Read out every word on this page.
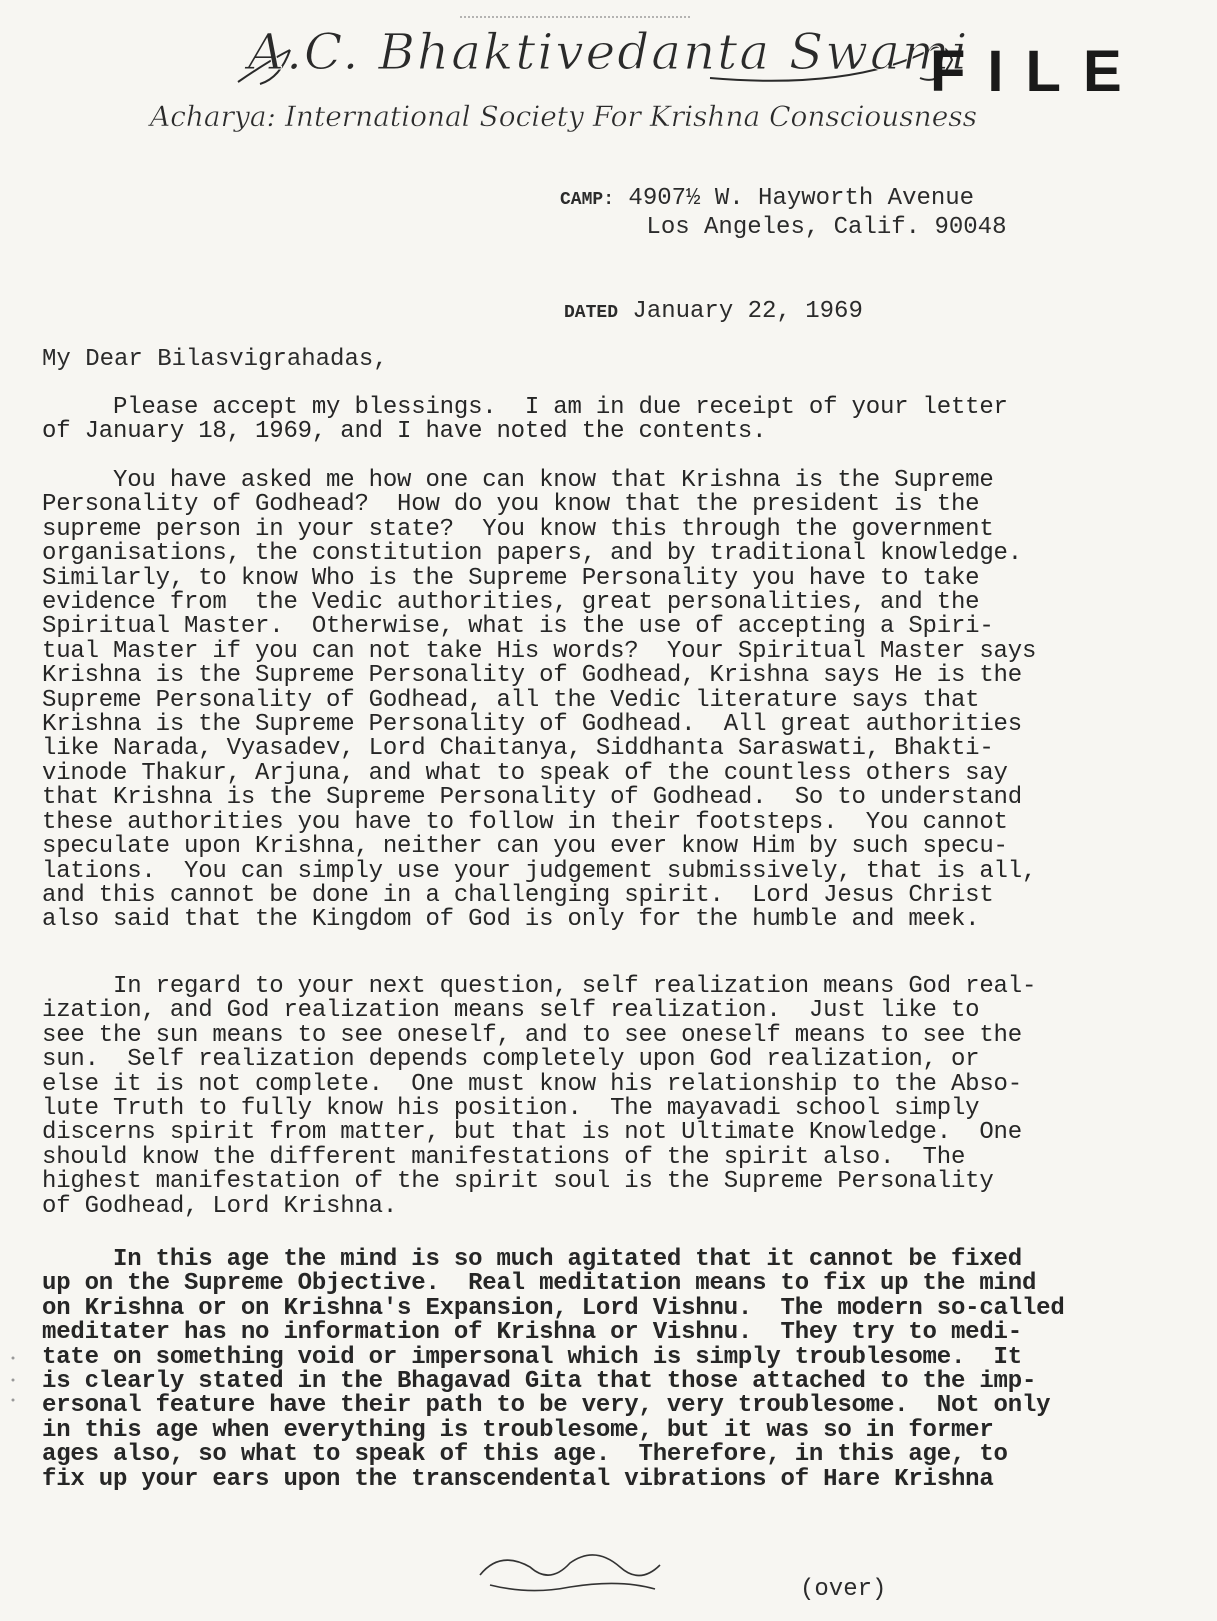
A.C. Bhaktivedanta Swami
FILE
Acharya: International Society For Krishna Consciousness
CAMP: 4907½ W. Hayworth Avenue
Los Angeles, Calif. 90048
DATED January 22, 1969
My Dear Bilasvigrahadas,
Please accept my blessings.  I am in due receipt of your letter
of January 18, 1969, and I have noted the contents.
You have asked me how one can know that Krishna is the Supreme
Personality of Godhead?  How do you know that the president is the
supreme person in your state?  You know this through the government
organisations, the constitution papers, and by traditional knowledge.
Similarly, to know Who is the Supreme Personality you have to take
evidence from  the Vedic authorities, great personalities, and the
Spiritual Master.  Otherwise, what is the use of accepting a Spiri-
tual Master if you can not take His words?  Your Spiritual Master says
Krishna is the Supreme Personality of Godhead, Krishna says He is the
Supreme Personality of Godhead, all the Vedic literature says that
Krishna is the Supreme Personality of Godhead.  All great authorities
like Narada, Vyasadev, Lord Chaitanya, Siddhanta Saraswati, Bhakti-
vinode Thakur, Arjuna, and what to speak of the countless others say
that Krishna is the Supreme Personality of Godhead.  So to understand
these authorities you have to follow in their footsteps.  You cannot
speculate upon Krishna, neither can you ever know Him by such specu-
lations.  You can simply use your judgement submissively, that is all,
and this cannot be done in a challenging spirit.  Lord Jesus Christ
also said that the Kingdom of God is only for the humble and meek.
In regard to your next question, self realization means God real-
ization, and God realization means self realization.  Just like to
see the sun means to see oneself, and to see oneself means to see the
sun.  Self realization depends completely upon God realization, or
else it is not complete.  One must know his relationship to the Abso-
lute Truth to fully know his position.  The mayavadi school simply
discerns spirit from matter, but that is not Ultimate Knowledge.  One
should know the different manifestations of the spirit also.  The
highest manifestation of the spirit soul is the Supreme Personality
of Godhead, Lord Krishna.
In this age the mind is so much agitated that it cannot be fixed
up on the Supreme Objective.  Real meditation means to fix up the mind
on Krishna or on Krishna's Expansion, Lord Vishnu.  The modern so-called
meditater has no information of Krishna or Vishnu.  They try to medi-
tate on something void or impersonal which is simply troublesome.  It
is clearly stated in the Bhagavad Gita that those attached to the imp-
ersonal feature have their path to be very, very troublesome.  Not only
in this age when everything is troublesome, but it was so in former
ages also, so what to speak of this age.  Therefore, in this age, to
fix up your ears upon the transcendental vibrations of Hare Krishna
(over)
